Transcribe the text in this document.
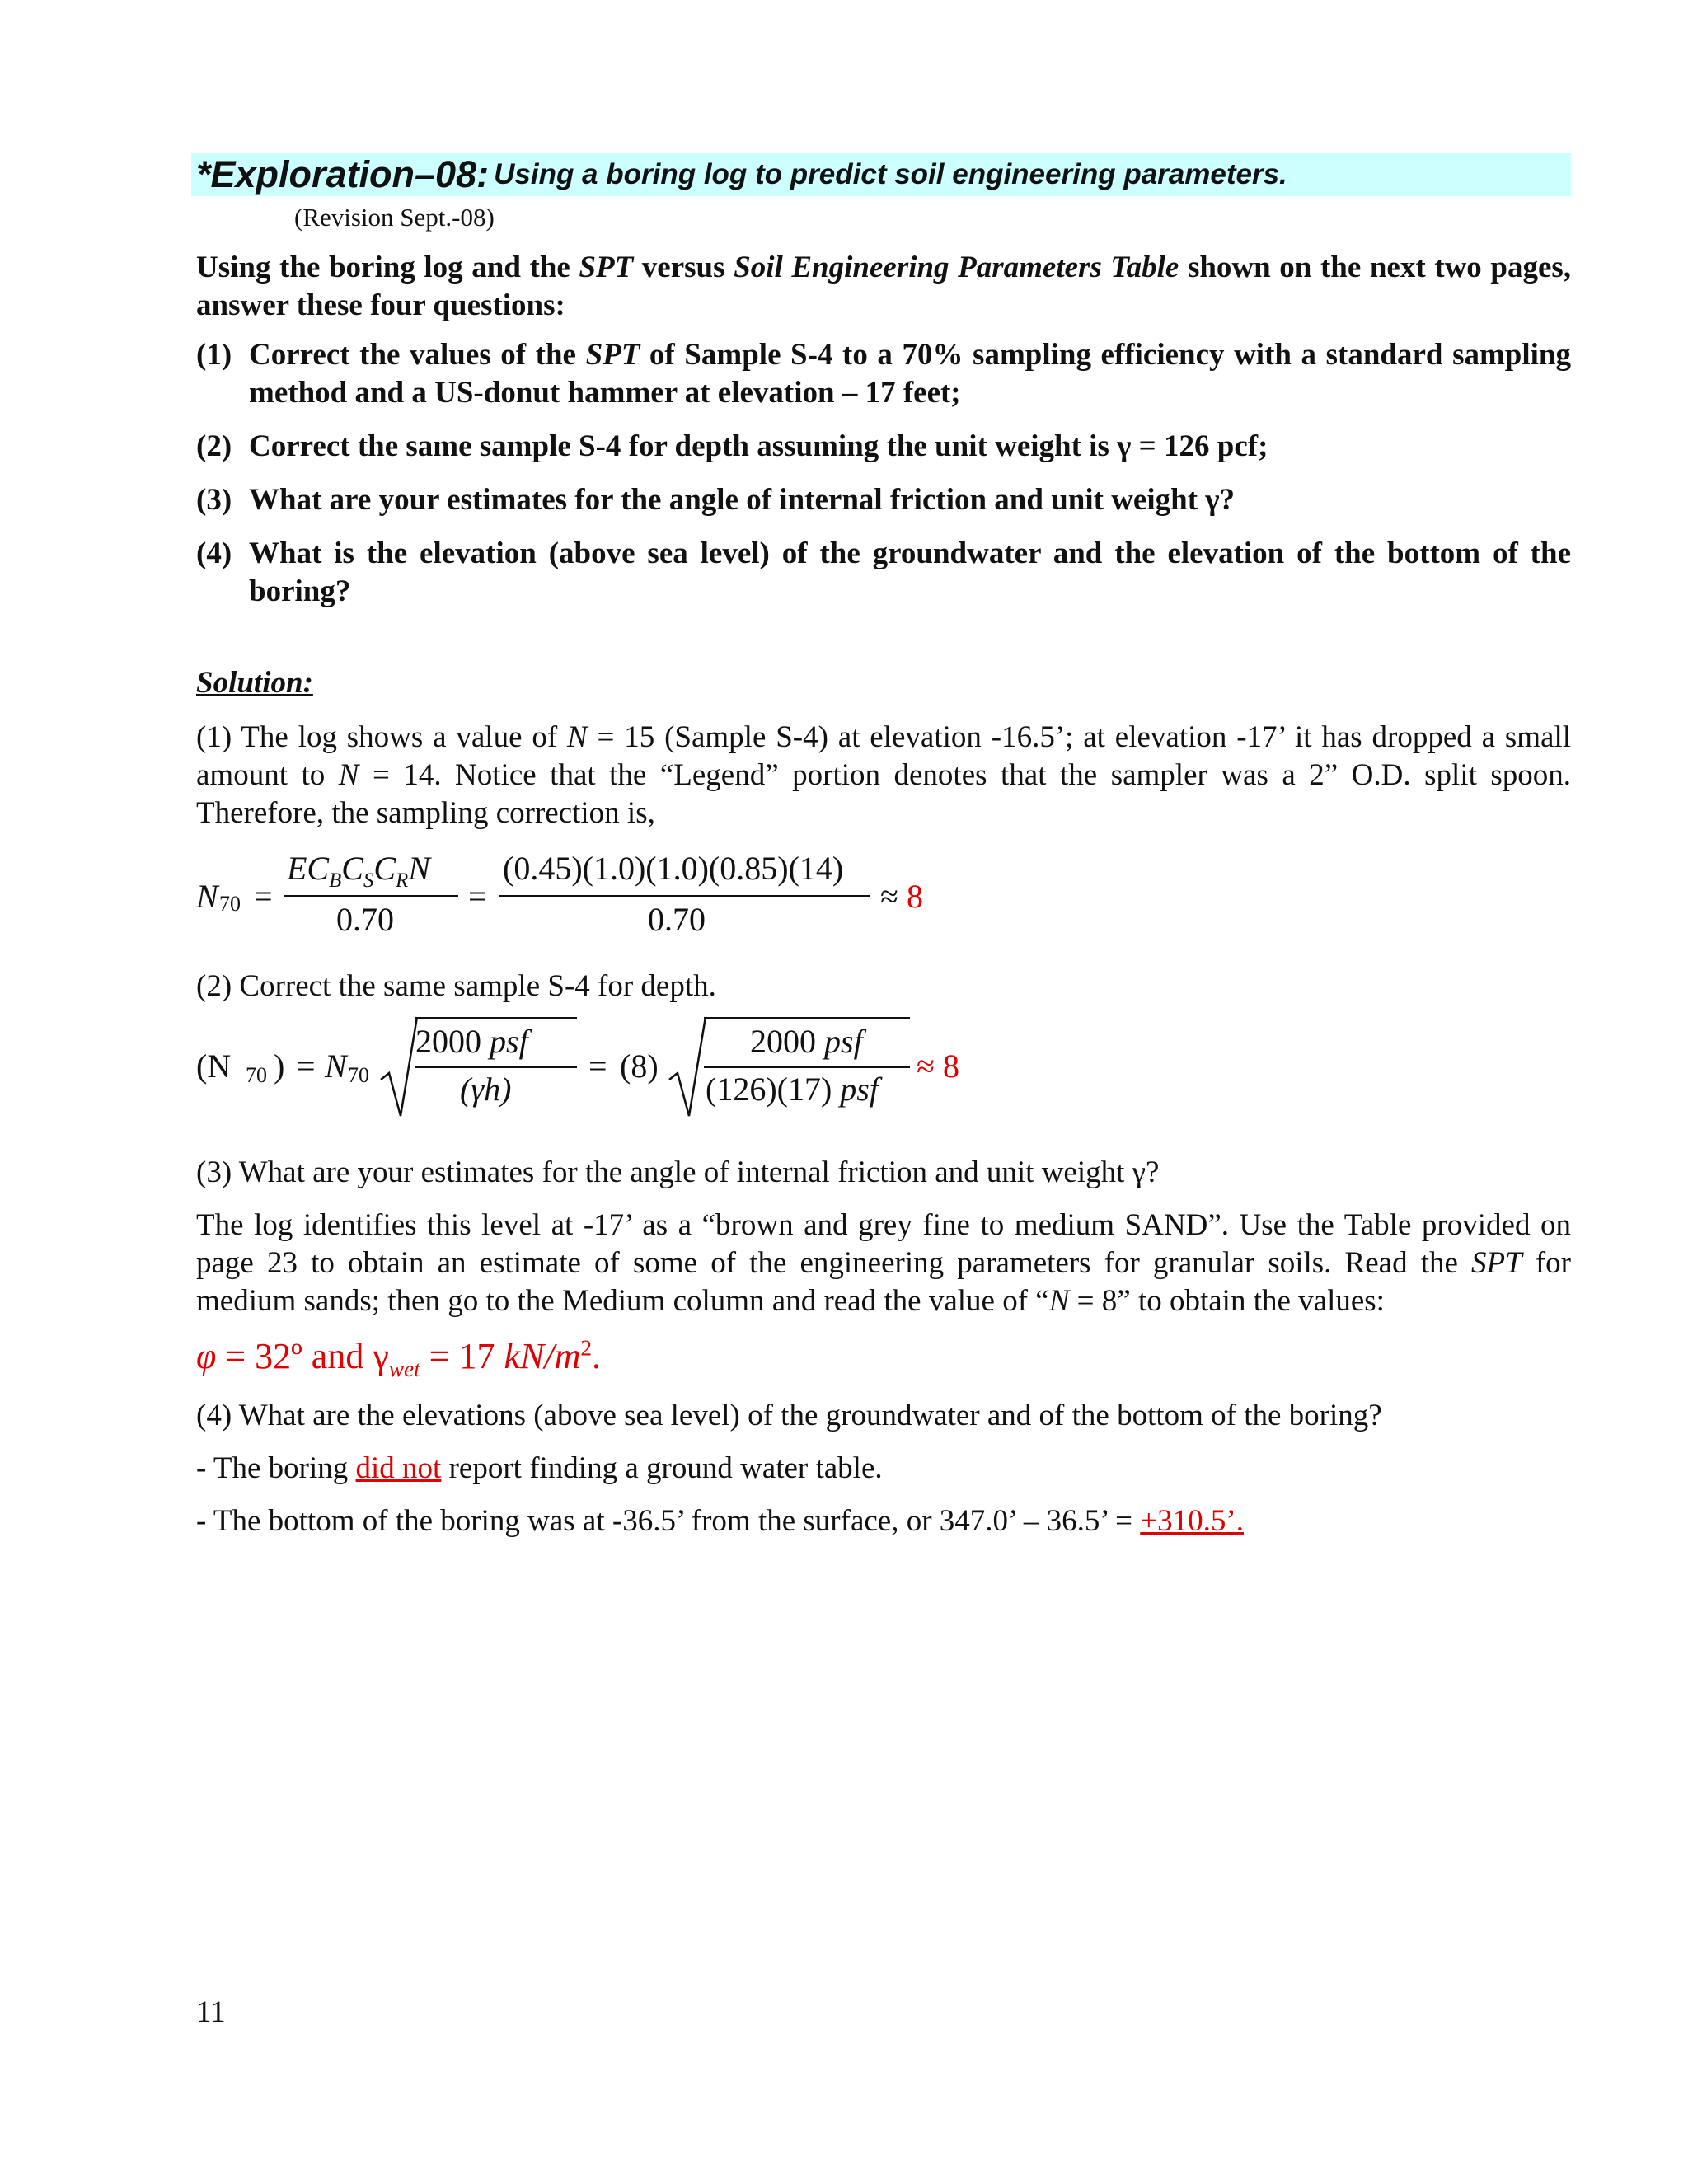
*Exploration–08: Using a boring log to predict soil engineering parameters.
(Revision Sept.-08)
Using the boring log and the SPT versus Soil Engineering Parameters Table shown on the next two pages, answer these four questions:
(1) Correct the values of the SPT of Sample S-4 to a 70% sampling efficiency with a standard sampling method and a US-donut hammer at elevation – 17 feet;
(2) Correct the same sample S-4 for depth assuming the unit weight is γ = 126 pcf;
(3) What are your estimates for the angle of internal friction and unit weight γ?
(4) What is the elevation (above sea level) of the groundwater and the elevation of the bottom of the boring?
Solution:
(1) The log shows a value of N = 15 (Sample S-4) at elevation -16.5’; at elevation -17’ it has dropped a small amount to N = 14. Notice that the “Legend” portion denotes that the sampler was a 2” O.D. split spoon. Therefore, the sampling correction is,
N 70 =
$EC_BC_SC_RN$
0.70
=
(0.45)(1.0)(1.0)(0.85)(14)
0.70
≈ 8
(2) Correct the same sample S-4 for depth.
(N 70 ) = N 70
2000 psf
(γh)
= (8)
2000 psf
(126)(17) psf
≈ 8
(3) What are your estimates for the angle of internal friction and unit weight γ?
The log identifies this level at -17’ as a “brown and grey fine to medium SAND”. Use the Table provided on page 23 to obtain an estimate of some of the engineering parameters for granular soils. Read the SPT for medium sands; then go to the Medium column and read the value of “N = 8” to obtain the values:
φ = 32º and $\gamma_{wet} = 17$ $kN/m^2$.
(4) What are the elevations (above sea level) of the groundwater and of the bottom of the boring?
- The boring did not report finding a ground water table.
- The bottom of the boring was at -36.5’ from the surface, or 347.0’ – 36.5’ = +310.5’.
11
